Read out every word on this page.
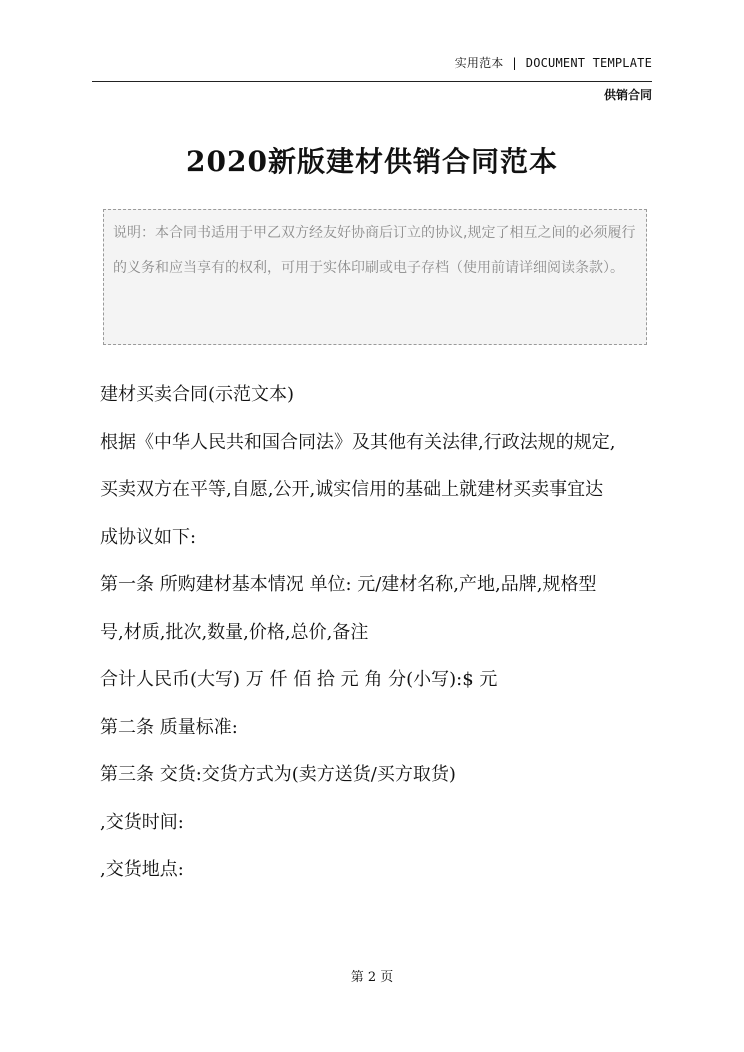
实用范本 | DOCUMENT TEMPLATE
供销合同
2020新版建材供销合同范本

说明：本合同书适用于甲乙双方经友好协商后订立的协议,规定了相互之间的必须履行的义务和应当享有的权利，可用于实体印刷或电子存档（使用前请详细阅读条款）。

建材买卖合同(示范文本)
根据《中华人民共和国合同法》及其他有关法律,行政法规的规定,
买卖双方在平等,自愿,公开,诚实信用的基础上就建材买卖事宜达
成协议如下:
第一条 所购建材基本情况 单位: 元/建材名称,产地,品牌,规格型
号,材质,批次,数量,价格,总价,备注
合计人民币(大写) 万 仟 佰 拾 元 角 分(小写):$ 元
第二条 质量标准:
第三条 交货:交货方式为(卖方送货/买方取货)
,交货时间:
,交货地点:
第 2 页
